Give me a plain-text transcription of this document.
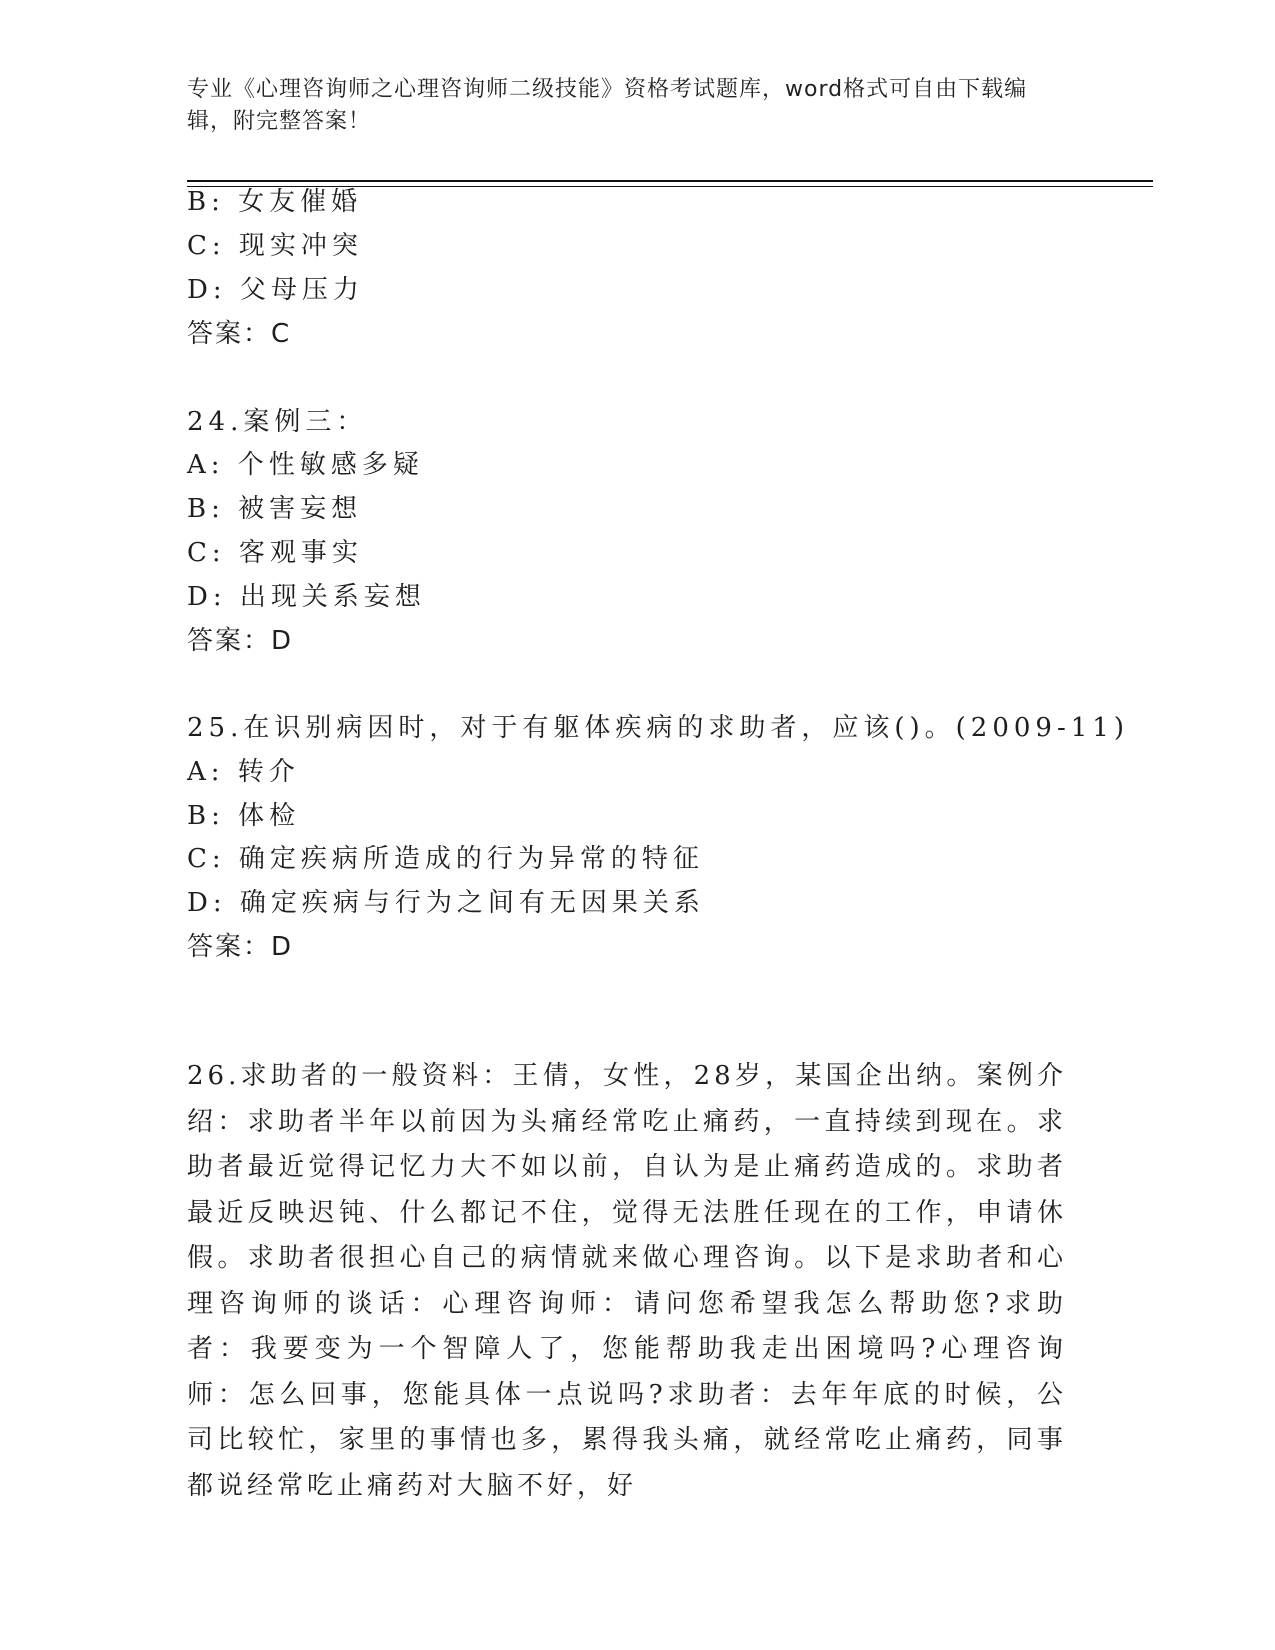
专业《心理咨询师之心理咨询师二级技能》资格考试题库，word格式可自由下载编辑，附完整答案！
B: 女友催婚
C: 现实冲突
D: 父母压力
答案：C
24.案例三：
A: 个性敏感多疑
B: 被害妄想
C: 客观事实
D: 出现关系妄想
答案：D
25.在识别病因时，对于有躯体疾病的求助者，应该()。(2009-11)
A: 转介
B: 体检
C: 确定疾病所造成的行为异常的特征
D: 确定疾病与行为之间有无因果关系
答案：D
26.求助者的一般资料：王倩，女性，28岁，某国企出纳。案例介绍：求助者半年以前因为头痛经常吃止痛药，一直持续到现在。求助者最近觉得记忆力大不如以前，自认为是止痛药造成的。求助者最近反映迟钝、什么都记不住，觉得无法胜任现在的工作，申请休假。求助者很担心自己的病情就来做心理咨询。以下是求助者和心理咨询师的谈话：心理咨询师：请问您希望我怎么帮助您?求助者：我要变为一个智障人了，您能帮助我走出困境吗?心理咨询师：怎么回事，您能具体一点说吗?求助者：去年年底的时候，公司比较忙，家里的事情也多，累得我头痛，就经常吃止痛药，同事都说经常吃止痛药对大脑不好，好
